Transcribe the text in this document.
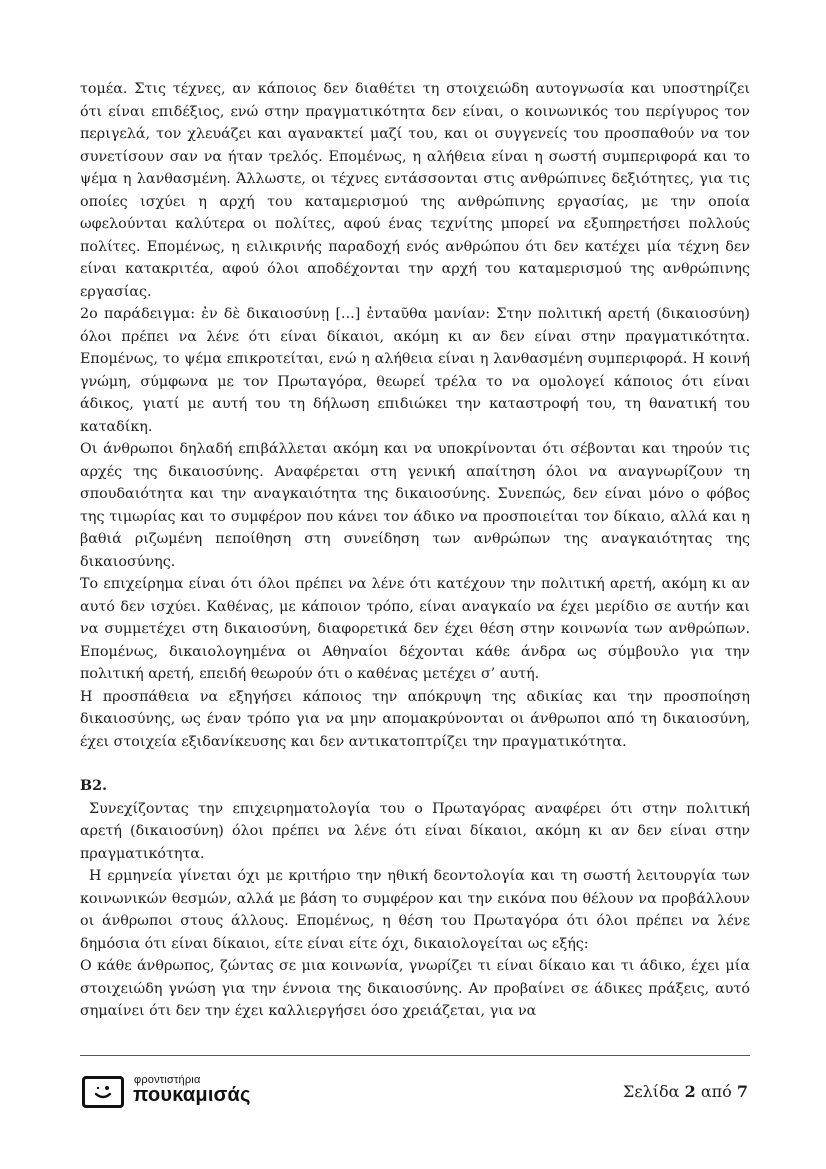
τομέα. Στις τέχνες, αν κάποιος δεν διαθέτει τη στοιχειώδη αυτογνωσία και υποστηρίζει ότι είναι επιδέξιος, ενώ στην πραγματικότητα δεν είναι, ο κοινωνικός του περίγυρος τον περιγελά, τον χλευάζει και αγανακτεί μαζί του, και οι συγγενείς του προσπαθούν να τον συνετίσουν σαν να ήταν τρελός. Επομένως, η αλήθεια είναι η σωστή συμπεριφορά και το ψέμα η λανθασμένη. Άλλωστε, οι τέχνες εντάσσονται στις ανθρώπινες δεξιότητες, για τις οποίες ισχύει η αρχή του καταμερισμού της ανθρώπινης εργασίας, με την οποία ωφελούνται καλύτερα οι πολίτες, αφού ένας τεχνίτης μπορεί να εξυπηρετήσει πολλούς πολίτες. Επομένως, η ειλικρινής παραδοχή ενός ανθρώπου ότι δεν κατέχει μία τέχνη δεν είναι κατακριτέα, αφού όλοι αποδέχονται την αρχή του καταμερισμού της ανθρώπινης εργασίας.

2ο παράδειγμα: ἐν δὲ δικαιοσύνῃ [...] ἐνταῦθα μανίαν: Στην πολιτική αρετή (δικαιοσύνη) όλοι πρέπει να λένε ότι είναι δίκαιοι, ακόμη κι αν δεν είναι στην πραγματικότητα. Επομένως, το ψέμα επικροτείται, ενώ η αλήθεια είναι η λανθασμένη συμπεριφορά. Η κοινή γνώμη, σύμφωνα με τον Πρωταγόρα, θεωρεί τρέλα το να ομολογεί κάποιος ότι είναι άδικος, γιατί με αυτή του τη δήλωση επιδιώκει την καταστροφή του, τη θανατική του καταδίκη.

Οι άνθρωποι δηλαδή επιβάλλεται ακόμη και να υποκρίνονται ότι σέβονται και τηρούν τις αρχές της δικαιοσύνης. Αναφέρεται στη γενική απαίτηση όλοι να αναγνωρίζουν τη σπουδαιότητα και την αναγκαιότητα της δικαιοσύνης. Συνεπώς, δεν είναι μόνο ο φόβος της τιμωρίας και το συμφέρον που κάνει τον άδικο να προσποιείται τον δίκαιο, αλλά και η βαθιά ριζωμένη πεποίθηση στη συνείδηση των ανθρώπων της αναγκαιότητας της δικαιοσύνης.

Το επιχείρημα είναι ότι όλοι πρέπει να λένε ότι κατέχουν την πολιτική αρετή, ακόμη κι αν αυτό δεν ισχύει. Καθένας, με κάποιον τρόπο, είναι αναγκαίο να έχει μερίδιο σε αυτήν και να συμμετέχει στη δικαιοσύνη, διαφορετικά δεν έχει θέση στην κοινωνία των ανθρώπων. Επομένως, δικαιολογημένα οι Αθηναίοι δέχονται κάθε άνδρα ως σύμβουλο για την πολιτική αρετή, επειδή θεωρούν ότι ο καθένας μετέχει σ’ αυτή.

Η προσπάθεια να εξηγήσει κάποιος την απόκρυψη της αδικίας και την προσποίηση δικαιοσύνης, ως έναν τρόπο για να μην απομακρύνονται οι άνθρωποι από τη δικαιοσύνη, έχει στοιχεία εξιδανίκευσης και δεν αντικατοπτρίζει την πραγματικότητα.

Β2.

Συνεχίζοντας την επιχειρηματολογία του ο Πρωταγόρας αναφέρει ότι στην πολιτική αρετή (δικαιοσύνη) όλοι πρέπει να λένε ότι είναι δίκαιοι, ακόμη κι αν δεν είναι στην πραγματικότητα.

Η ερμηνεία γίνεται όχι με κριτήριο την ηθική δεοντολογία και τη σωστή λειτουργία των κοινωνικών θεσμών, αλλά με βάση το συμφέρον και την εικόνα που θέλουν να προβάλλουν οι άνθρωποι στους άλλους. Επομένως, η θέση του Πρωταγόρα ότι όλοι πρέπει να λένε δημόσια ότι είναι δίκαιοι, είτε είναι είτε όχι, δικαιολογείται ως εξής:

Ο κάθε άνθρωπος, ζώντας σε μια κοινωνία, γνωρίζει τι είναι δίκαιο και τι άδικο, έχει μία στοιχειώδη γνώση για την έννοια της δικαιοσύνης. Αν προβαίνει σε άδικες πράξεις, αυτό σημαίνει ότι δεν την έχει καλλιεργήσει όσο χρειάζεται, για να

φροντιστήρια
πουκαμισάς	Σελίδα 2 από 7
